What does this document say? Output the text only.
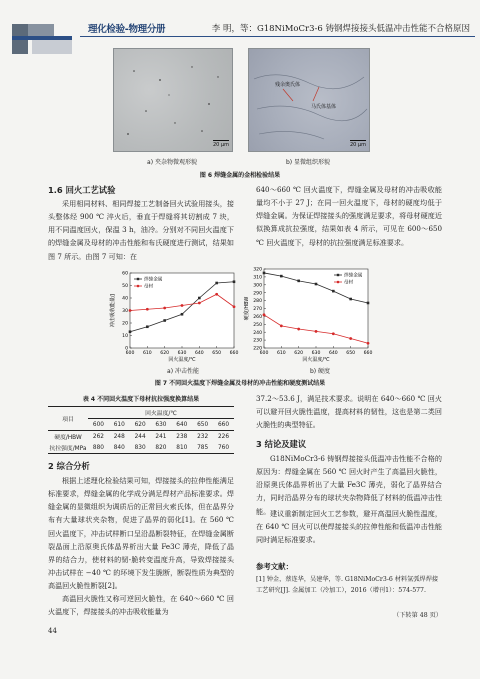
理化检验-物理分册	李 明，等：G18NiMoCr3-6 铸钢焊接接头低温冲击性能不合格原因
20 µm
残余奥氏体
马氏体基体
20 µm
a) 夹杂物微观形貌	b) 显微组织形貌
图 6 焊缝金属的金相检验结果
1.6 回火工艺试验
采用相同材料、相同焊接工艺制备回火试验用接头，接头整体经 900 ℃ 淬火后，垂直于焊缝将其切割成 7 块，用不同温度回火，保温 3 h，油冷。分别对不同回火温度下的焊缝金属及母材的冲击性能和布氏硬度进行测试，结果如图 7 所示。由图 7 可知：在
640～660 ℃ 回火温度下，焊缝金属及母材的冲击吸收能量均不小于 27 J；在同一回火温度下，母材的硬度均低于焊缝金属。为保证焊接接头的强度满足要求，将母材硬度近似换算成抗拉强度，结果如表 4 所示，可见在 600～650 ℃ 回火温度下，母材的抗拉强度满足标准要求。
600 610 620 630 640 650 660
0
10
20
30
40
50
60
回火温度/℃
冲击吸收能量/J
焊缝金属
母材
600 610 620 630 640 650 660
220
230
240
250
260
270
280
290
300
310
320
回火温度/℃
硬度/HBW
焊缝金属
母材
a) 冲击性能	b) 硬度
图 7 不同回火温度下焊缝金属及母材的冲击性能和硬度测试结果
表 4 不同回火温度下母材抗拉强度换算结果
项目	回火温度/℃						
	600	610	620	630	640	650	660
硬度/HBW	262	248	244	241	238	232	226
抗拉强度/MPa	880	840	830	820	810	785	760
2 综合分析
根据上述理化检验结果可知，焊接接头的拉伸性能满足标准要求，焊缝金属的化学成分满足焊材产品标准要求。焊缝金属的显微组织为调质后的正常回火索氏体，但在晶界分布有大量球状夹杂物，促进了晶界的弱化[1]。在 560 ℃ 回火温度下，冲击试样断口呈沿晶断裂特征，在焊缝金属断裂晶面上沿原奥氏体晶界析出大量 Fe3C 薄壳，降低了晶界的结合力，使材料的韧-脆转变温度升高，导致焊接接头冲击试样在 −40 ℃ 的环境下发生脆断，断裂性质为典型的高温回火脆性断裂[2]。
高温回火脆性又称可逆回火脆性，在 640～660 ℃ 回火温度下，焊接接头的冲击吸收能量为
37.2～53.6 J，满足技术要求。说明在 640～660 ℃ 回火可以避开回火脆性温度，提高材料的韧性，这也是第二类回火脆性的典型特征。
3 结论及建议
G18NiMoCr3-6 铸钢焊接接头低温冲击性能不合格的原因为：焊缝金属在 560 ℃ 回火时产生了高温回火脆性，沿原奥氏体晶界析出了大量 Fe3C 薄壳，弱化了晶界结合力，同时沿晶界分布的球状夹杂物降低了材料的低温冲击性能。 建议重新制定回火工艺参数，避开高温回火脆性温度，在 640 ℃ 回火可以使焊接接头的拉伸性能和低温冲击性能同时满足标准要求。
参考文献：
[1] 钟金，蔡连华，吴建华，等. G18NiMoCr3-6 材料氩弧焊焊接工艺研究[J]. 金属加工（冷加工），2016（增刊1）：574-577.
（下转第 48 页）
44
